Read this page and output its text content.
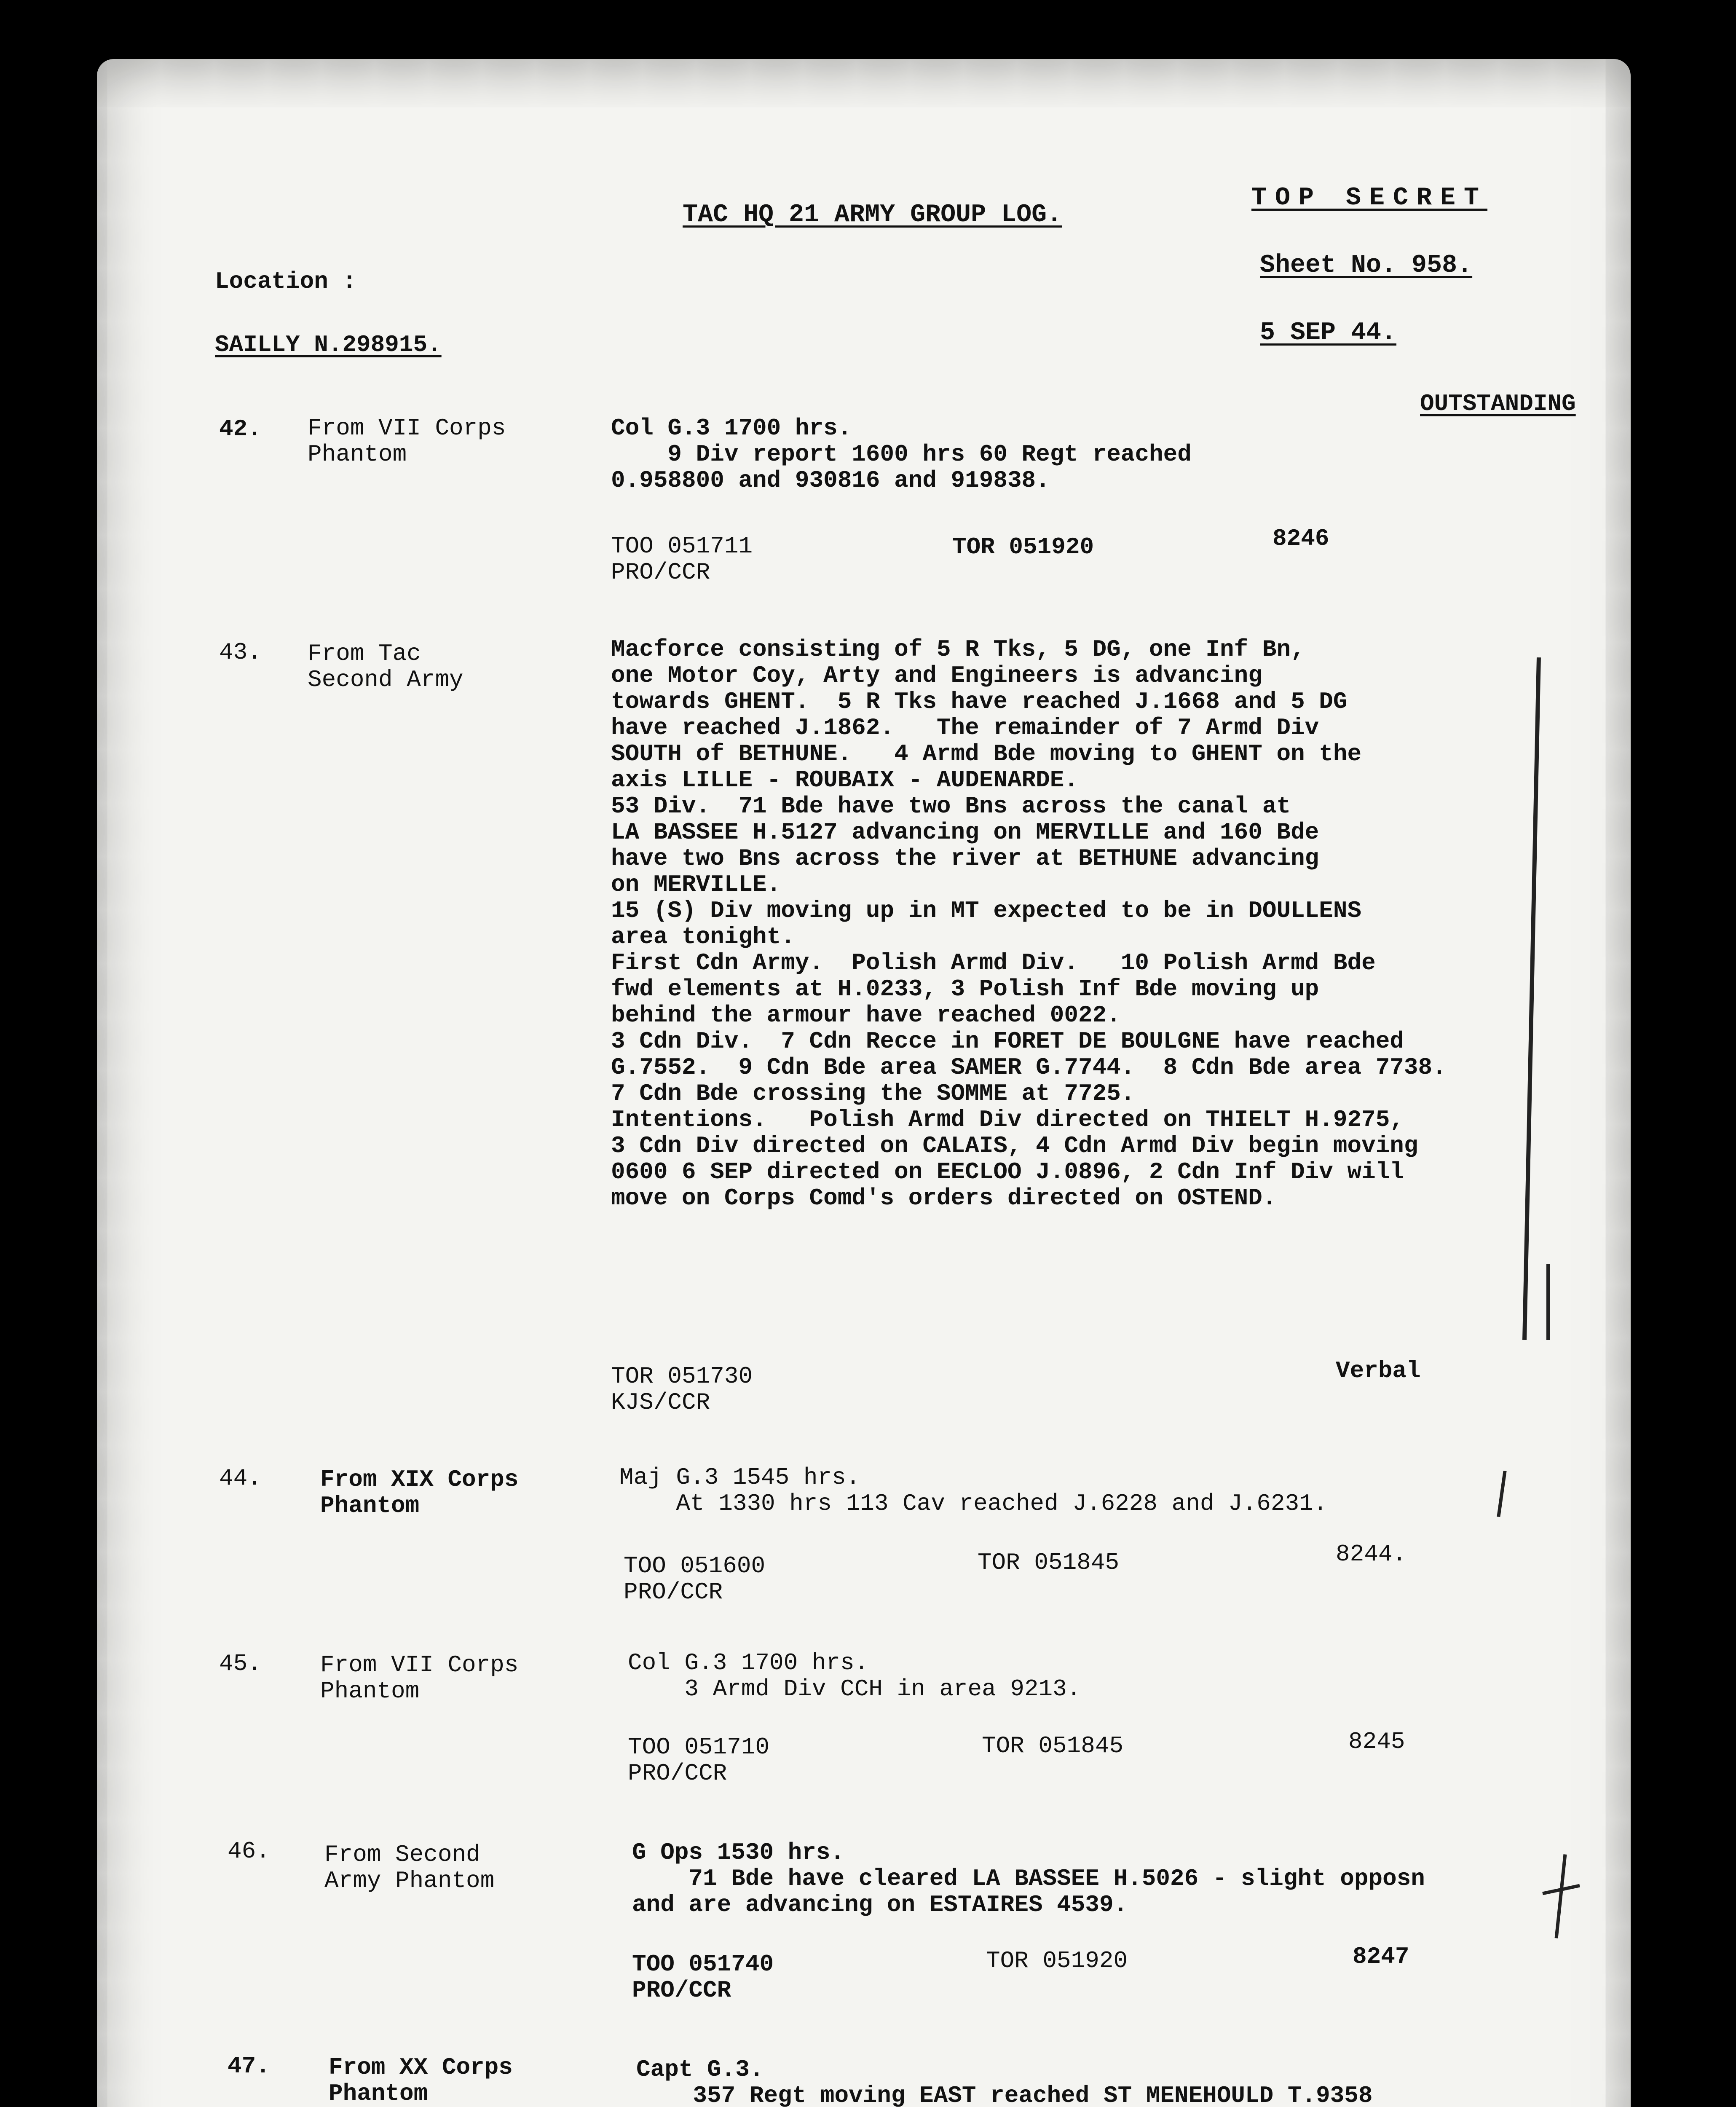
TAC HQ 21 ARMY GROUP LOG.
TOP SECRET
Sheet No. 958.
Location :
SAILLY N.298915.	5 SEP 44.
OUTSTANDING
42. From VII Corps
Phantom
Col G.3 1700 hrs.
9 Div report 1600 hrs 60 Regt reached
0.958800 and 930816 and 919838.
TOO 051711
PRO/CCR
TOR 051920	8246
43. From Tac
Second Army
Macforce consisting of 5 R Tks, 5 DG, one Inf Bn,
one Motor Coy, Arty and Engineers is advancing
towards GHENT.  5 R Tks have reached J.1668 and 5 DG
have reached J.1862.   The remainder of 7 Armd Div
SOUTH of BETHUNE.   4 Armd Bde moving to GHENT on the
axis LILLE - ROUBAIX - AUDENARDE.
53 Div.  71 Bde have two Bns across the canal at
LA BASSEE H.5127 advancing on MERVILLE and 160 Bde
have two Bns across the river at BETHUNE advancing
on MERVILLE.
15 (S) Div moving up in MT expected to be in DOULLENS
area tonight.
First Cdn Army.  Polish Armd Div.   10 Polish Armd Bde
fwd elements at H.0233, 3 Polish Inf Bde moving up
behind the armour have reached 0022.
3 Cdn Div.  7 Cdn Recce in FORET DE BOULGNE have reached
G.7552.  9 Cdn Bde area SAMER G.7744.  8 Cdn Bde area 7738.
7 Cdn Bde crossing the SOMME at 7725.
Intentions.   Polish Armd Div directed on THIELT H.9275,
3 Cdn Div directed on CALAIS, 4 Cdn Armd Div begin moving
0600 6 SEP directed on EECLOO J.0896, 2 Cdn Inf Div will
move on Corps Comd's orders directed on OSTEND.
TOR 051730
KJS/CCR
Verbal
44. From XIX Corps
Phantom
Maj G.3 1545 hrs.
At 1330 hrs 113 Cav reached J.6228 and J.6231.
TOO 051600
PRO/CCR
TOR 051845	8244.
45. From VII Corps
Phantom
Col G.3 1700 hrs.
3 Armd Div CCH in area 9213.
TOO 051710
PRO/CCR
TOR 051845	8245
46. From Second
Army Phantom
G Ops 1530 hrs.
71 Bde have cleared LA BASSEE H.5026 - slight opposn
and are advancing on ESTAIRES 4539.
TOO 051740
PRO/CCR
TOR 051920	8247
47. From XX Corps
Phantom
Capt G.3.
357 Regt moving EAST reached ST MENEHOULD T.9358
